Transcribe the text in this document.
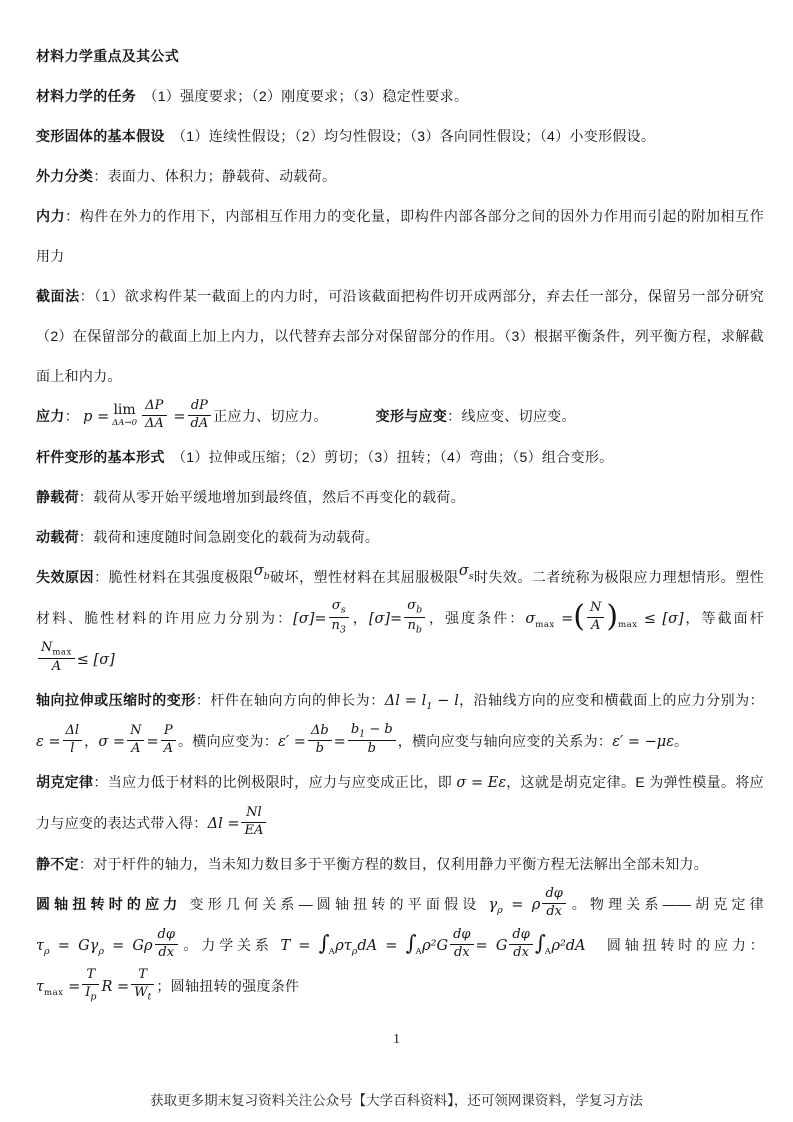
材料力学重点及其公式

材料力学的任务　（1）强度要求；（2）刚度要求；（3）稳定性要求。

变形固体的基本假设　（1）连续性假设；（2）均匀性假设；（3）各向同性假设；（4）小变形假设。

外力分类：表面力、体积力；静载荷、动载荷。

内力：构件在外力的作用下，内部相互作用力的变化量，即构件内部各部分之间的因外力作用而引起的附加相互作用力

截面法：（1）欲求构件某一截面上的内力时，可沿该截面把构件切开成两部分，弃去任一部分，保留另一部分研究（2）在保留部分的截面上加上内力，以代替弃去部分对保留部分的作用。（3）根据平衡条件，列平衡方程，求解截面上和内力。

应力： p = lim
$\Delta A\to 0 \frac{\Delta P}{\Delta A} = \frac{dP}{dA}$ 正应力、切应力。	变形与应变：线应变、切应变。

杆件变形的基本形式　（1）拉伸或压缩；（2）剪切；（3）扭转；（4）弯曲；（5）组合变形。

静载荷：载荷从零开始平缓地增加到最终值，然后不再变化的载荷。

动载荷：载荷和速度随时间急剧变化的载荷为动载荷。

失效原因：脆性材料在其强度极限$\sigma_b$破坏，塑性材料在其屈服极限$\sigma_s$时失效。二者统称为极限应力理想情形。塑性材料、脆性材料的许用应力分别为：$[\sigma]= \frac{\sigma_s}{n_3}$ ，$[\sigma]= \frac{\sigma_b}{n_b}$ ，强度条件：$\sigma_{max}$ =( $\frac{N}{A} )_{max} \le [\sigma]$，等截面杆
$\frac{N_{max}}{A} \le [\sigma]$

轴向拉伸或压缩时的变形：杆件在轴向方向的伸长为：$\Delta l = l_1 - l$，沿轴线方向的应变和横截面上的应力分别为：$\varepsilon = \frac{\Delta l}{l}$ ，$\sigma = \frac{N}{A} = \frac{P}{A}$ 。横向应变为：$\varepsilon' = \frac{\Delta b}{b} = \frac{b_1 - b}{b}$ ，横向应变与轴向应变的关系为：ε′ = −με。

胡克定律：当应力低于材料的比例极限时，应力与应变成正比，即 σ = Eε，这就是胡克定律。E 为弹性模量。将应力与应变的表达式带入得：$\Delta l = \frac{Nl}{EA}$

静不定：对于杆件的轴力，当未知力数目多于平衡方程的数目，仅利用静力平衡方程无法解出全部未知力。

圆轴扭转时的应力 变形几何关系—圆轴扭转的平面假设 $\gamma_\rho = \rho \frac{d\varphi}{dx}$ 。物理关系——胡克定律 $\tau_\rho = G\gamma_\rho = G\rho \frac{d\varphi}{dx}$ 。力学关系 $T = \int_A\rho\tau_\rho dA = \int_A\rho^2G \frac{d\varphi}{dx} = G \frac{d\varphi}{dx} \int_A\rho^2dA$　圆轴扭转时的应力：$\tau_{max} = \frac{T}{I_p}$ $R = \frac{T}{W_t}$ ；圆轴扭转的强度条件

1
获取更多期末复习资料关注公众号【大学百科资料】，还可领网课资料，学复习方法
